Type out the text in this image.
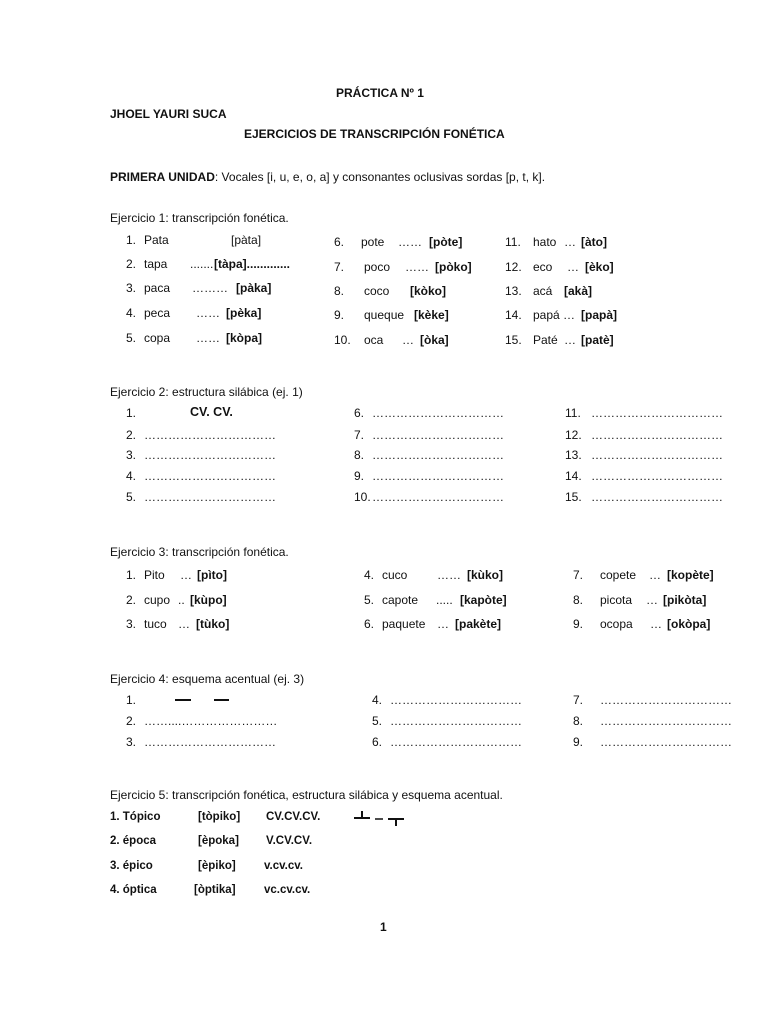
PRÁCTICA Nº 1
JHOEL YAURI SUCA
EJERCICIOS DE TRANSCRIPCIÓN FONÉTICA
PRIMERA UNIDAD: Vocales [i, u, e, o, a] y consonantes oclusivas sordas [p, t, k].
Ejercicio 1: transcripción fonética.
1. Pata	[pàta]
2. tapa ....... [tàpa].............
3. paca ……… [pàka]
4. peca …… [pèka]
5. copa …… [kòpa]
6. pote …… [pòte]
7. poco …… [pòko]
8. coco [kòko]
9. queque [kèke]
10. oca … [òka]
11. hato … [àto]
12. eco … [èko]
13. acá [akà]
14. papá … [papà]
15. Paté … [patè]
Ejercicio 2: estructura silábica (ej. 1)
1.	CV. CV.
2. ……………………………
3. ……………………………
4. ……………………………
5. ……………………………
6. ……………………………
7. ……………………………
8. ……………………………
9. ……………………………
10. ……………………………
11. ……………………………
12. ……………………………
13. ……………………………
14. ……………………………
15. ……………………………
Ejercicio 3: transcripción fonética.
1. Pito … [pìto]
2. cupo .. [kùpo]
3. tuco … [tùko]
4. cuco …… [kùko]
5. capote ..... [kapòte]
6. paquete … [pakète]
7. copete … [kopète]
8. picota … [pikòta]
9. ocopa … [okòpa]
Ejercicio 4: esquema acentual (ej. 3)
1.
2. ……....……………………
3. ……………………………
4. ……………………………
5. ……………………………
6. ……………………………
7. ……………………………
8. ……………………………
9. ……………………………
Ejercicio 5: transcripción fonética, estructura silábica y esquema acentual.
1. Tópico	[tòpiko] CV.CV.CV.
2. época	[èpoka] V.CV.CV.
3. épico	[èpiko] v.cv.cv.
4. óptica	[òptika] vc.cv.cv.
1
